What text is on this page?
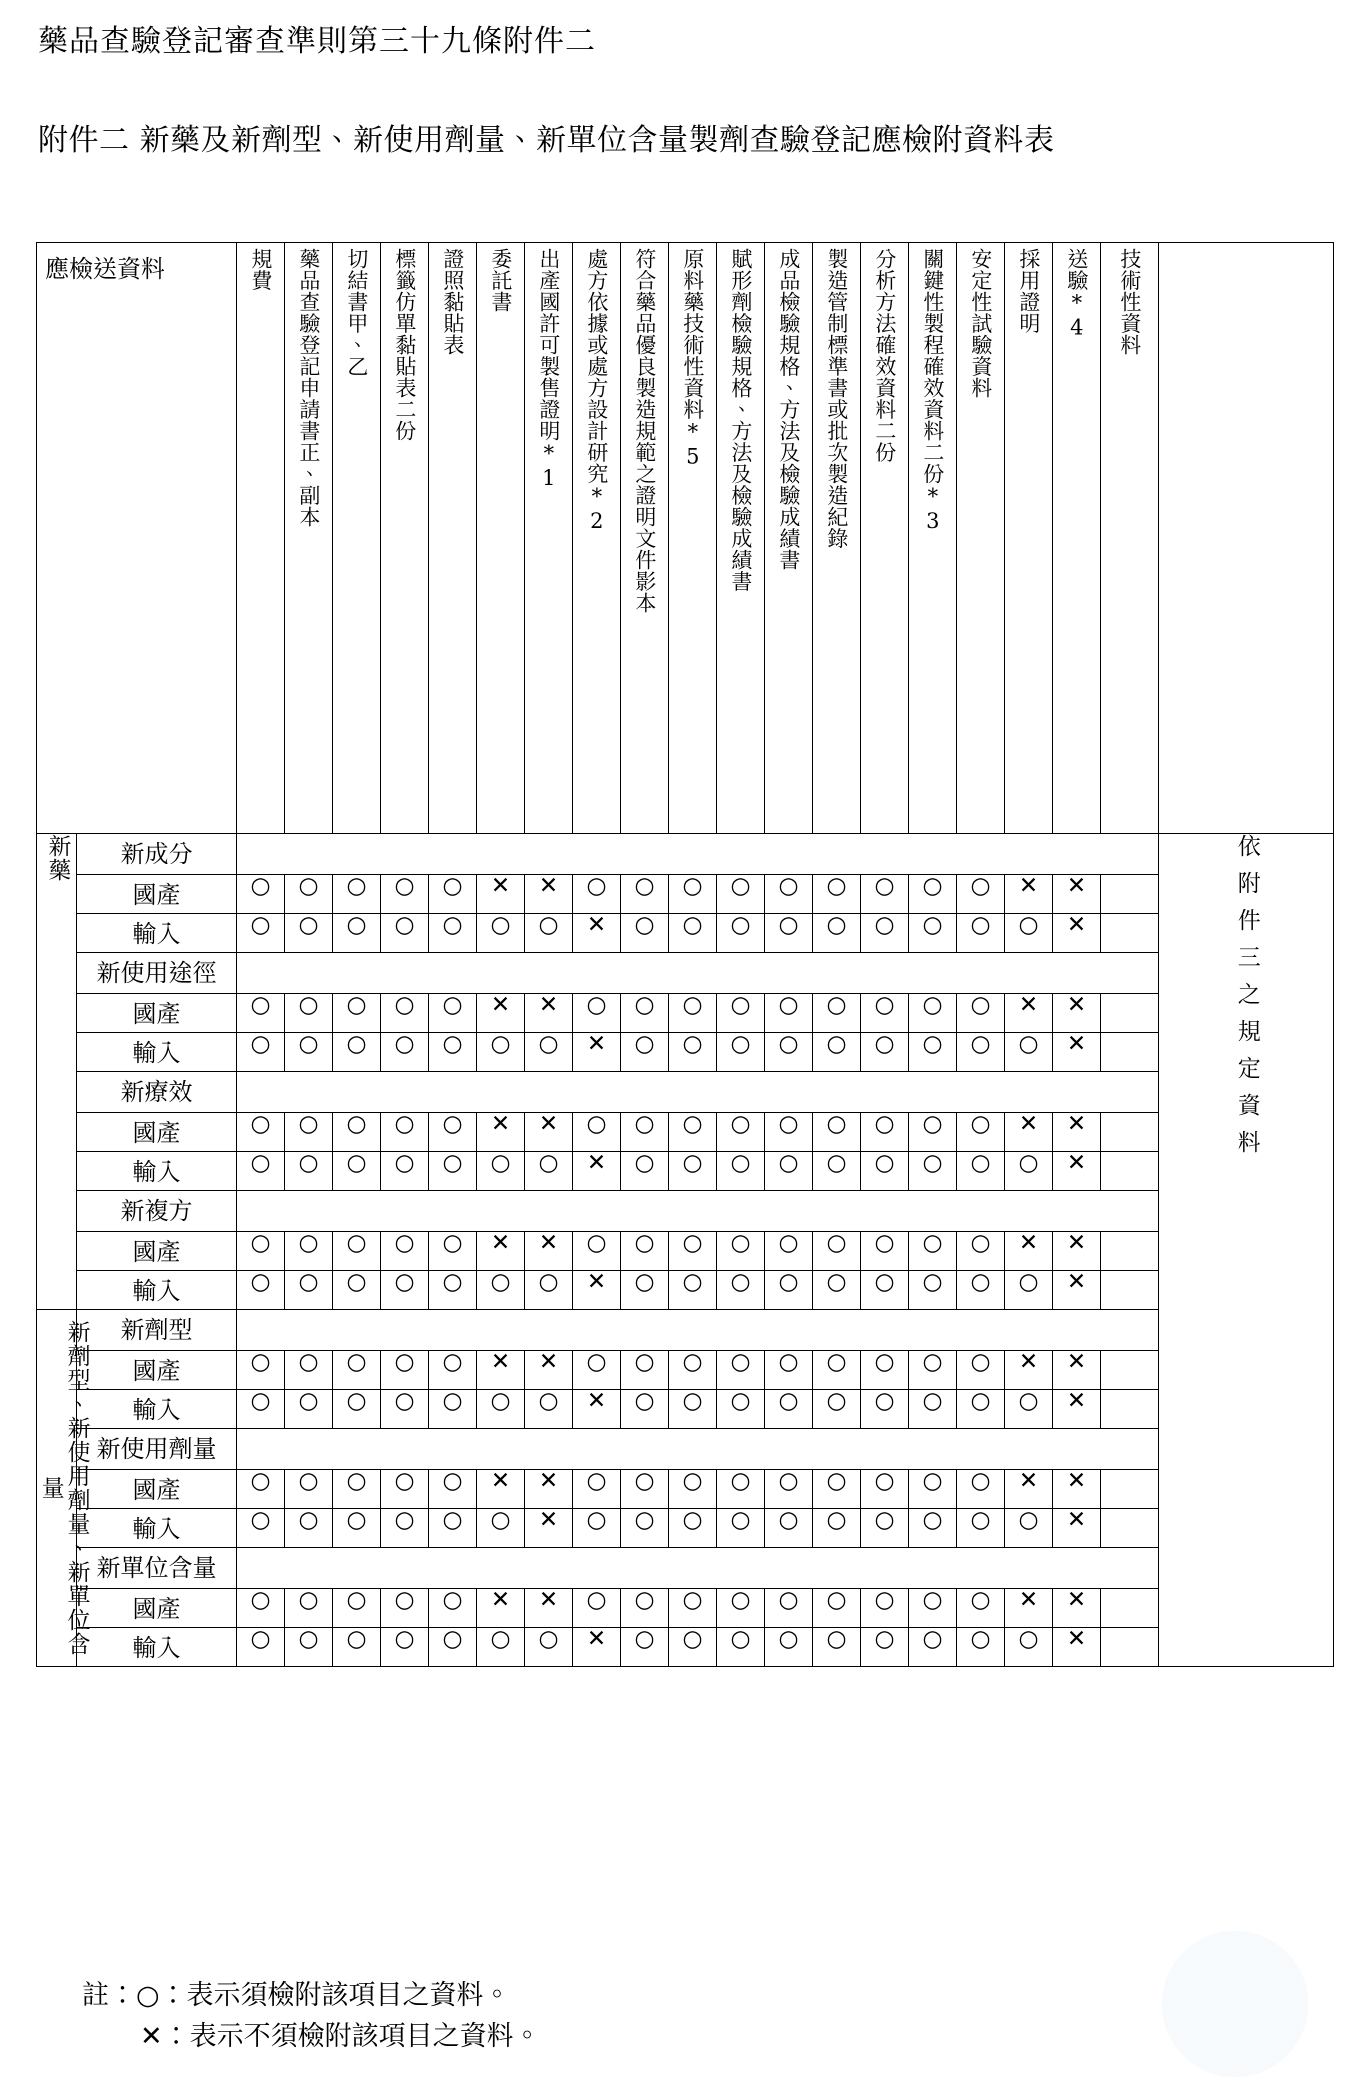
藥品查驗登記審查準則第三十九條附件二
附件二 新藥及新劑型、新使用劑量、新單位含量製劑查驗登記應檢附資料表
應檢送資料		規費	藥品查驗登記申請書正、副本	切結書甲、乙	標籤仿單黏貼表二份	證照黏貼表	委託書	出產國許可製售證明*1	處方依據或處方設計研究*2	符合藥品優良製造規範之證明文件影本	原料藥技術性資料*5	賦形劑檢驗規格、方法及檢驗成績書	成品檢驗規格、方法及檢驗成績書	製造管制標準書或批次製造紀錄	分析方法確效資料二份	關鍵性製程確效資料二份*3	安定性試驗資料	採用證明	送驗*4	技術性資料	

新藥	新成分																				依附件三之規定資料

	國產	○	○	○	○	○	✕	✕	○	○	○	○	○	○	○	○	○	✕	✕		
	輸入	○	○	○	○	○	○	○	✕	○	○	○	○	○	○	○	○	○	✕		
	新使用途徑																				
	國產	○	○	○	○	○	✕	✕	○	○	○	○	○	○	○	○	○	✕	✕		
	輸入	○	○	○	○	○	○	○	✕	○	○	○	○	○	○	○	○	○	✕		
	新療效																				
	國產	○	○	○	○	○	✕	✕	○	○	○	○	○	○	○	○	○	✕	✕		
	輸入	○	○	○	○	○	○	○	✕	○	○	○	○	○	○	○	○	○	✕		
	新複方																				
	國產	○	○	○	○	○	✕	✕	○	○	○	○	○	○	○	○	○	✕	✕		
	輸入	○	○	○	○	○	○	○	✕	○	○	○	○	○	○	○	○	○	✕		

新劑型、新使用劑量、新單位含量	新劑型																				
	國產	○	○	○	○	○	✕	✕	○	○	○	○	○	○	○	○	○	✕	✕		
	輸入	○	○	○	○	○	○	○	✕	○	○	○	○	○	○	○	○	○	✕		
	新使用劑量																				
	國產	○	○	○	○	○	✕	✕	○	○	○	○	○	○	○	○	○	✕	✕		
	輸入	○	○	○	○	○	○	✕	○	○	○	○	○	○	○	○	○	○	✕		
	新單位含量																				
	國產	○	○	○	○	○	✕	✕	○	○	○	○	○	○	○	○	○	✕	✕		
	輸入	○	○	○	○	○	○	○	✕	○	○	○	○	○	○	○	○	○	✕		
註：○：表示須檢附該項目之資料。
✕：表示不須檢附該項目之資料。
